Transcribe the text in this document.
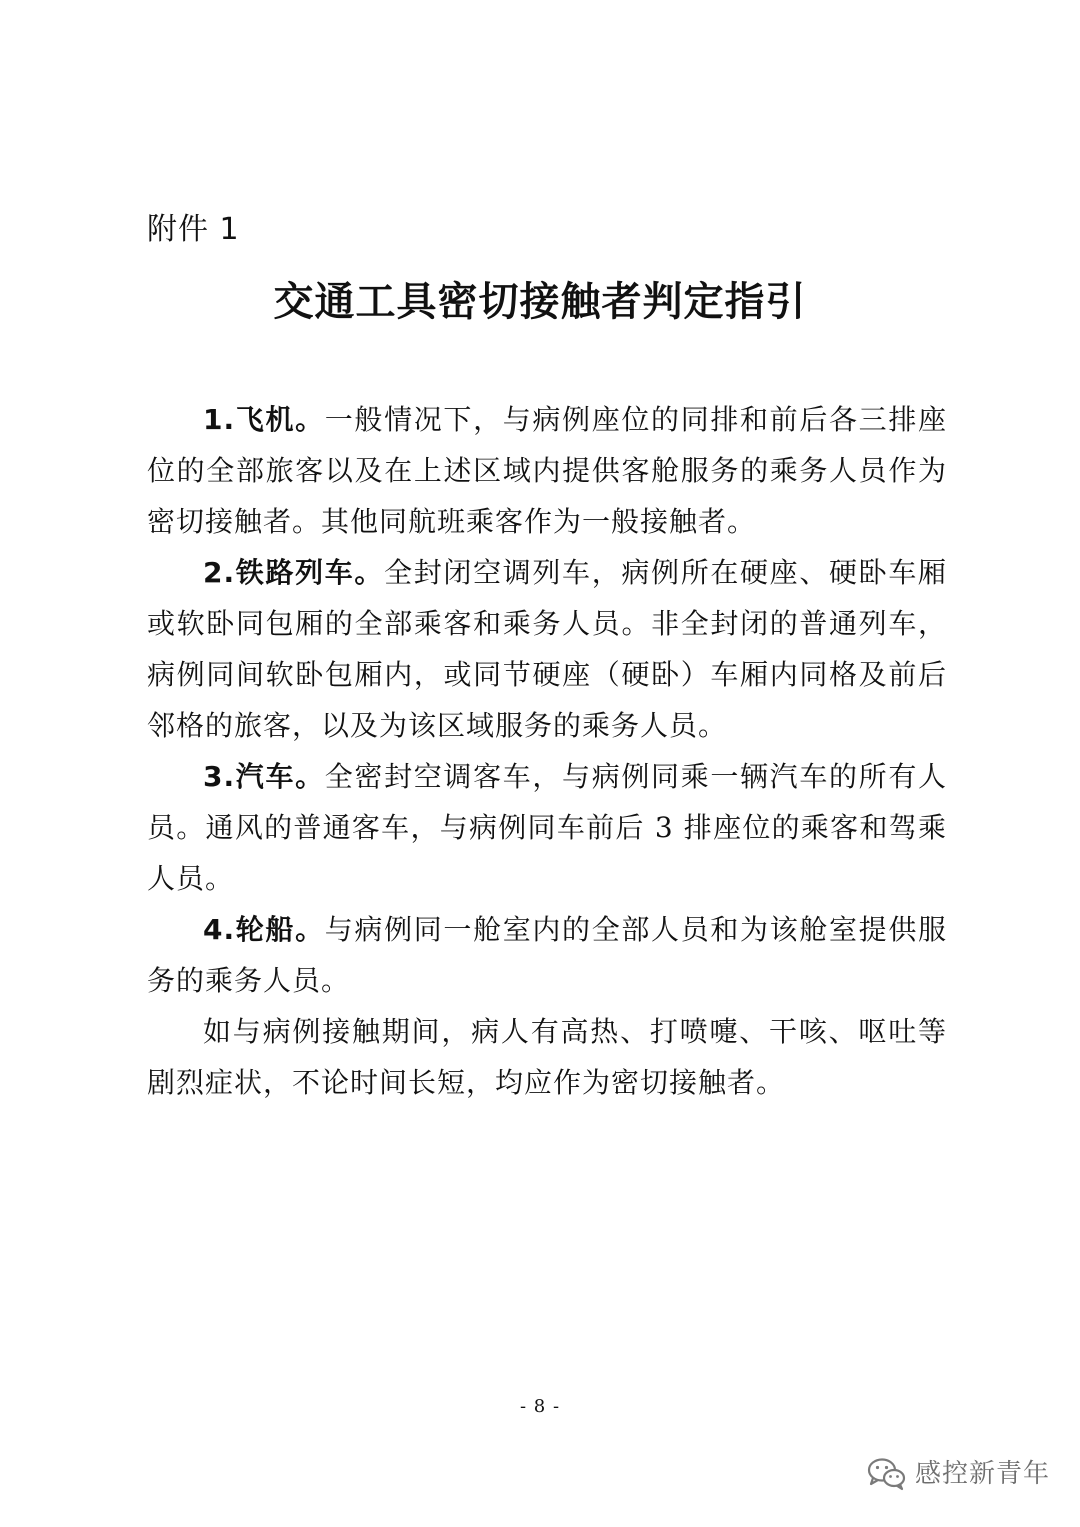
附件 1
交通工具密切接触者判定指引

1.飞机。一般情况下，与病例座位的同排和前后各三排座位的全部旅客以及在上述区域内提供客舱服务的乘务人员作为密切接触者。其他同航班乘客作为一般接触者。

2.铁路列车。全封闭空调列车，病例所在硬座、硬卧车厢或软卧同包厢的全部乘客和乘务人员。非全封闭的普通列车，病例同间软卧包厢内，或同节硬座（硬卧）车厢内同格及前后邻格的旅客，以及为该区域服务的乘务人员。

3.汽车。全密封空调客车，与病例同乘一辆汽车的所有人员。通风的普通客车，与病例同车前后 3 排座位的乘客和驾乘人员。

4.轮船。与病例同一舱室内的全部人员和为该舱室提供服务的乘务人员。

如与病例接触期间，病人有高热、打喷嚏、干咳、呕吐等剧烈症状，不论时间长短，均应作为密切接触者。

- 8 -
感控新青年
